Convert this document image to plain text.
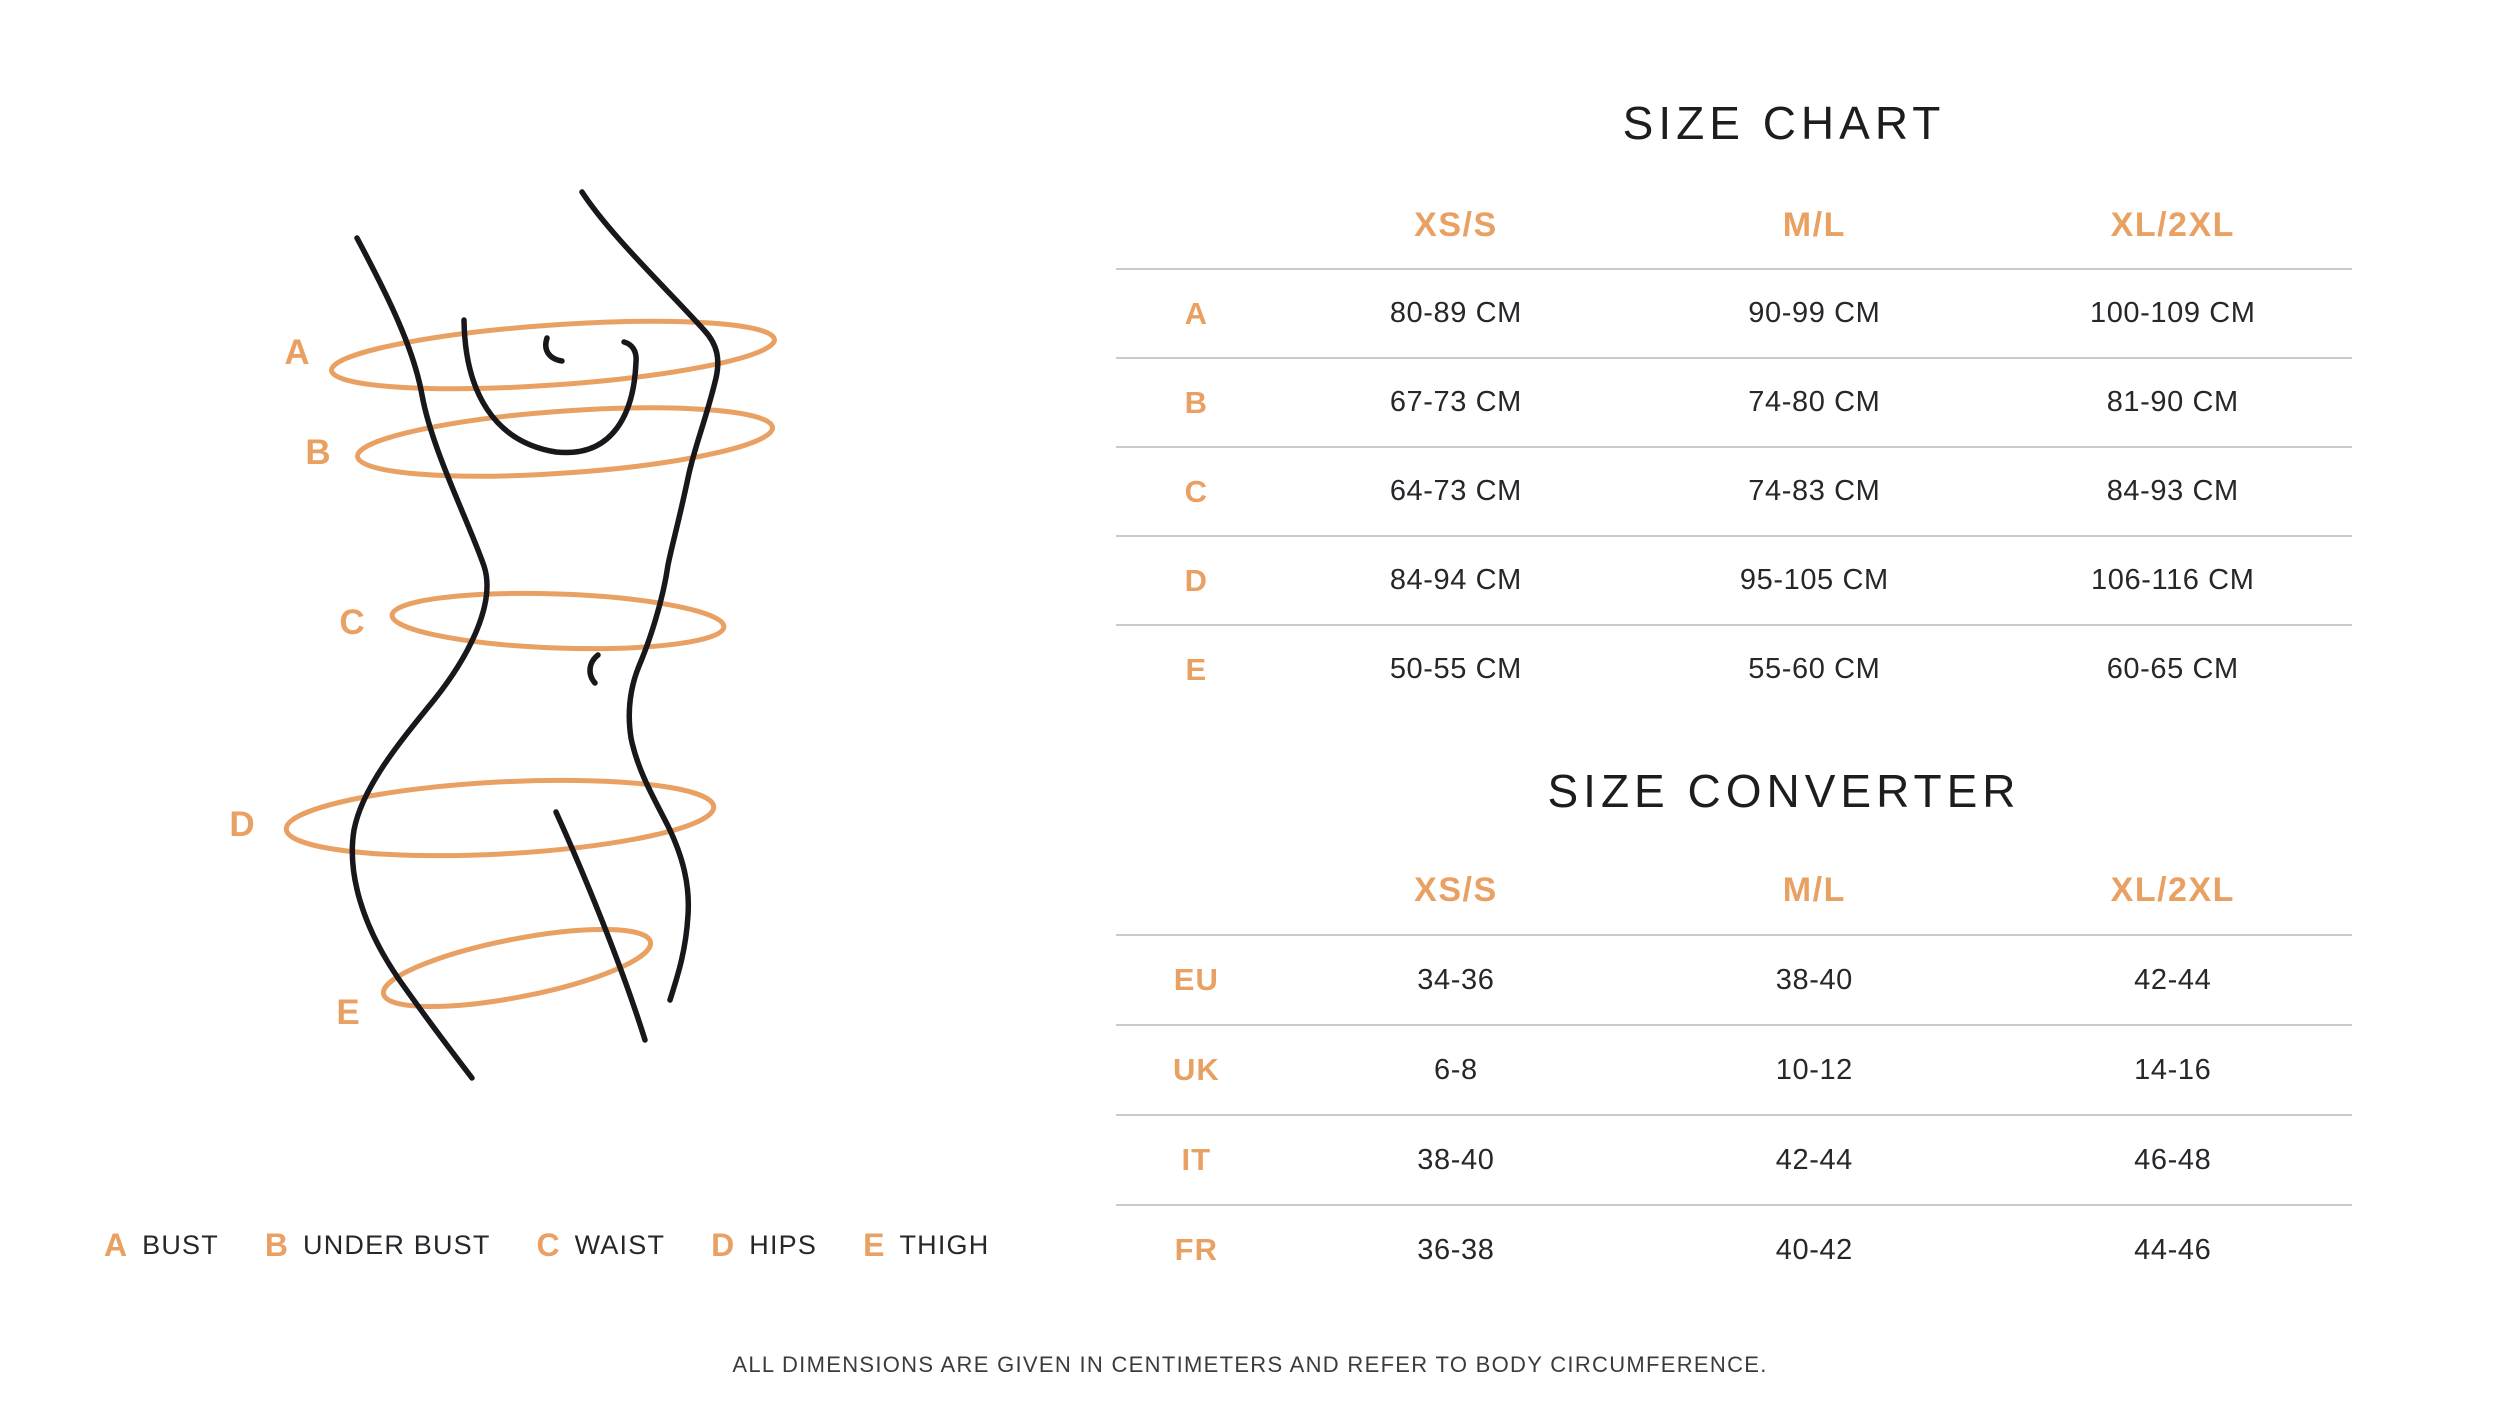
A
B
C
D
E
SIZE CHART
XS/S	M/L	XL/2XL
A	80-89 CM	90-99 CM	100-109 CM
B	67-73 CM	74-80 CM	81-90 CM
C	64-73 CM	74-83 CM	84-93 CM
D	84-94 CM	95-105 CM	106-116 CM
E	50-55 CM	55-60 CM	60-65 CM
SIZE CONVERTER
XS/S	M/L	XL/2XL
EU	34-36	38-40	42-44
UK	6-8	10-12	14-16
IT	38-40	42-44	46-48
FR	36-38	40-42	44-46
A BUST B UNDER BUST C WAIST D HIPS E THIGH
ALL DIMENSIONS ARE GIVEN IN CENTIMETERS AND REFER TO BODY CIRCUMFERENCE.
